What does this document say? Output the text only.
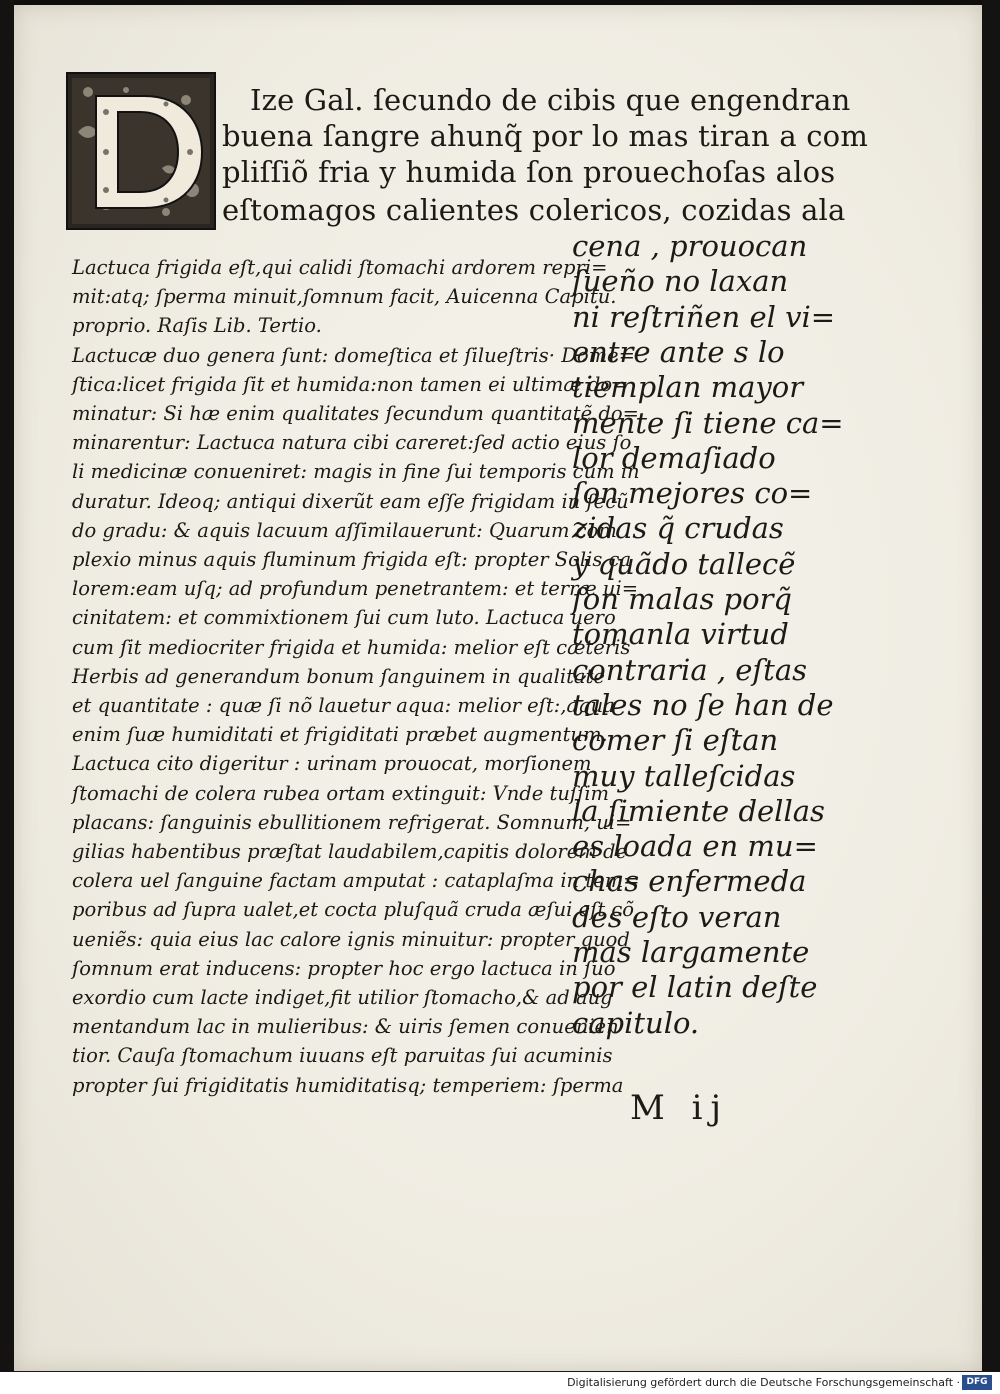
Ize Gal. ſecundo de cibis que engendran
buena ſangre ahunq̃ por lo mas tiran a com
pliſſiõ fria y humida ſon prouechoſas alos
eſtomagos calientes colericos, cozidas ala
cena , prouocan
ſueño no laxan
ni reſtriñen el vi=
entre ante s lo
tiemplan mayor
mente ſi tiene ca=
lor demaſiado
ſon mejores co=
zidas q̃ crudas
y quãdo tallecẽ
ſon malas porq̃
tomanla virtud
contraria , eſtas
tales no ſe han de
comer ſi eſtan
muy talleſcidas
la ſimiente dellas
es loada en mu=
chas enfermeda
des eſto veran
mas largamente
por el latin deſte
capitulo.
Lactuca frigida eſt,qui calidi ſtomachi ardorem repri=
mit:atq; ſperma minuit,ſomnum facit, Auicenna Capitu.
proprio. Raſis Lib. Tertio.
Lactucæ duo genera ſunt: domeſtica et ſilueſtris· Dome=
ſtica:licet frigida ſit et humida:non tamen ei ultimæ do=
minatur: Si hæ enim qualitates ſecundum quantitatẽ do=
minarentur: Lactuca natura cibi careret:ſed actio eius ſo
li medicinæ conueniret: magis in fine ſui temporis cum in
duratur. Ideoq; antiqui dixerũt eam eſſe frigidam in ſecũ
do gradu: & aquis lacuum aſſimilauerunt: Quarum com
plexio minus aquis fluminum frigida eſt: propter Solis ca
lorem:eam uſq; ad profundum penetrantem: et terræ ui=
cinitatem: et commixtionem ſui cum luto. Lactuca uero
cum ſit mediocriter frigida et humida: melior eſt cæteris
Herbis ad generandum bonum ſanguinem in qualitate
et quantitate : quæ ſi nõ lauetur aqua: melior eſt:,aqua
enim ſuæ humiditati et frigiditati præbet augmentum.
Lactuca cito digeritur : urinam prouocat, morſionem
ſtomachi de colera rubea ortam extinguit: Vnde tuſſim
placans: ſanguinis ebullitionem refrigerat. Somnum, ui=
gilias habentibus præſtat laudabilem,capitis dolorem de
colera uel ſanguine factam amputat : cataplaſma in tem=
poribus ad ſupra ualet,et cocta pluſquã cruda æſui eſt cõ
ueniẽs: quia eius lac calore ignis minuitur: propter quod
ſomnum erat inducens: propter hoc ergo lactuca in ſuo
exordio cum lacte indiget,fit utilior ſtomacho,& ad aug
mentandum lac in mulieribus: & uiris ſemen conuenien
tior. Cauſa ſtomachum iuuans eſt paruitas ſui acuminis
propter ſui frigiditatis humiditatisq; temperiem: ſperma
M ij
Digitalisierung gefördert durch die Deutsche Forschungsgemeinschaft · DFG
